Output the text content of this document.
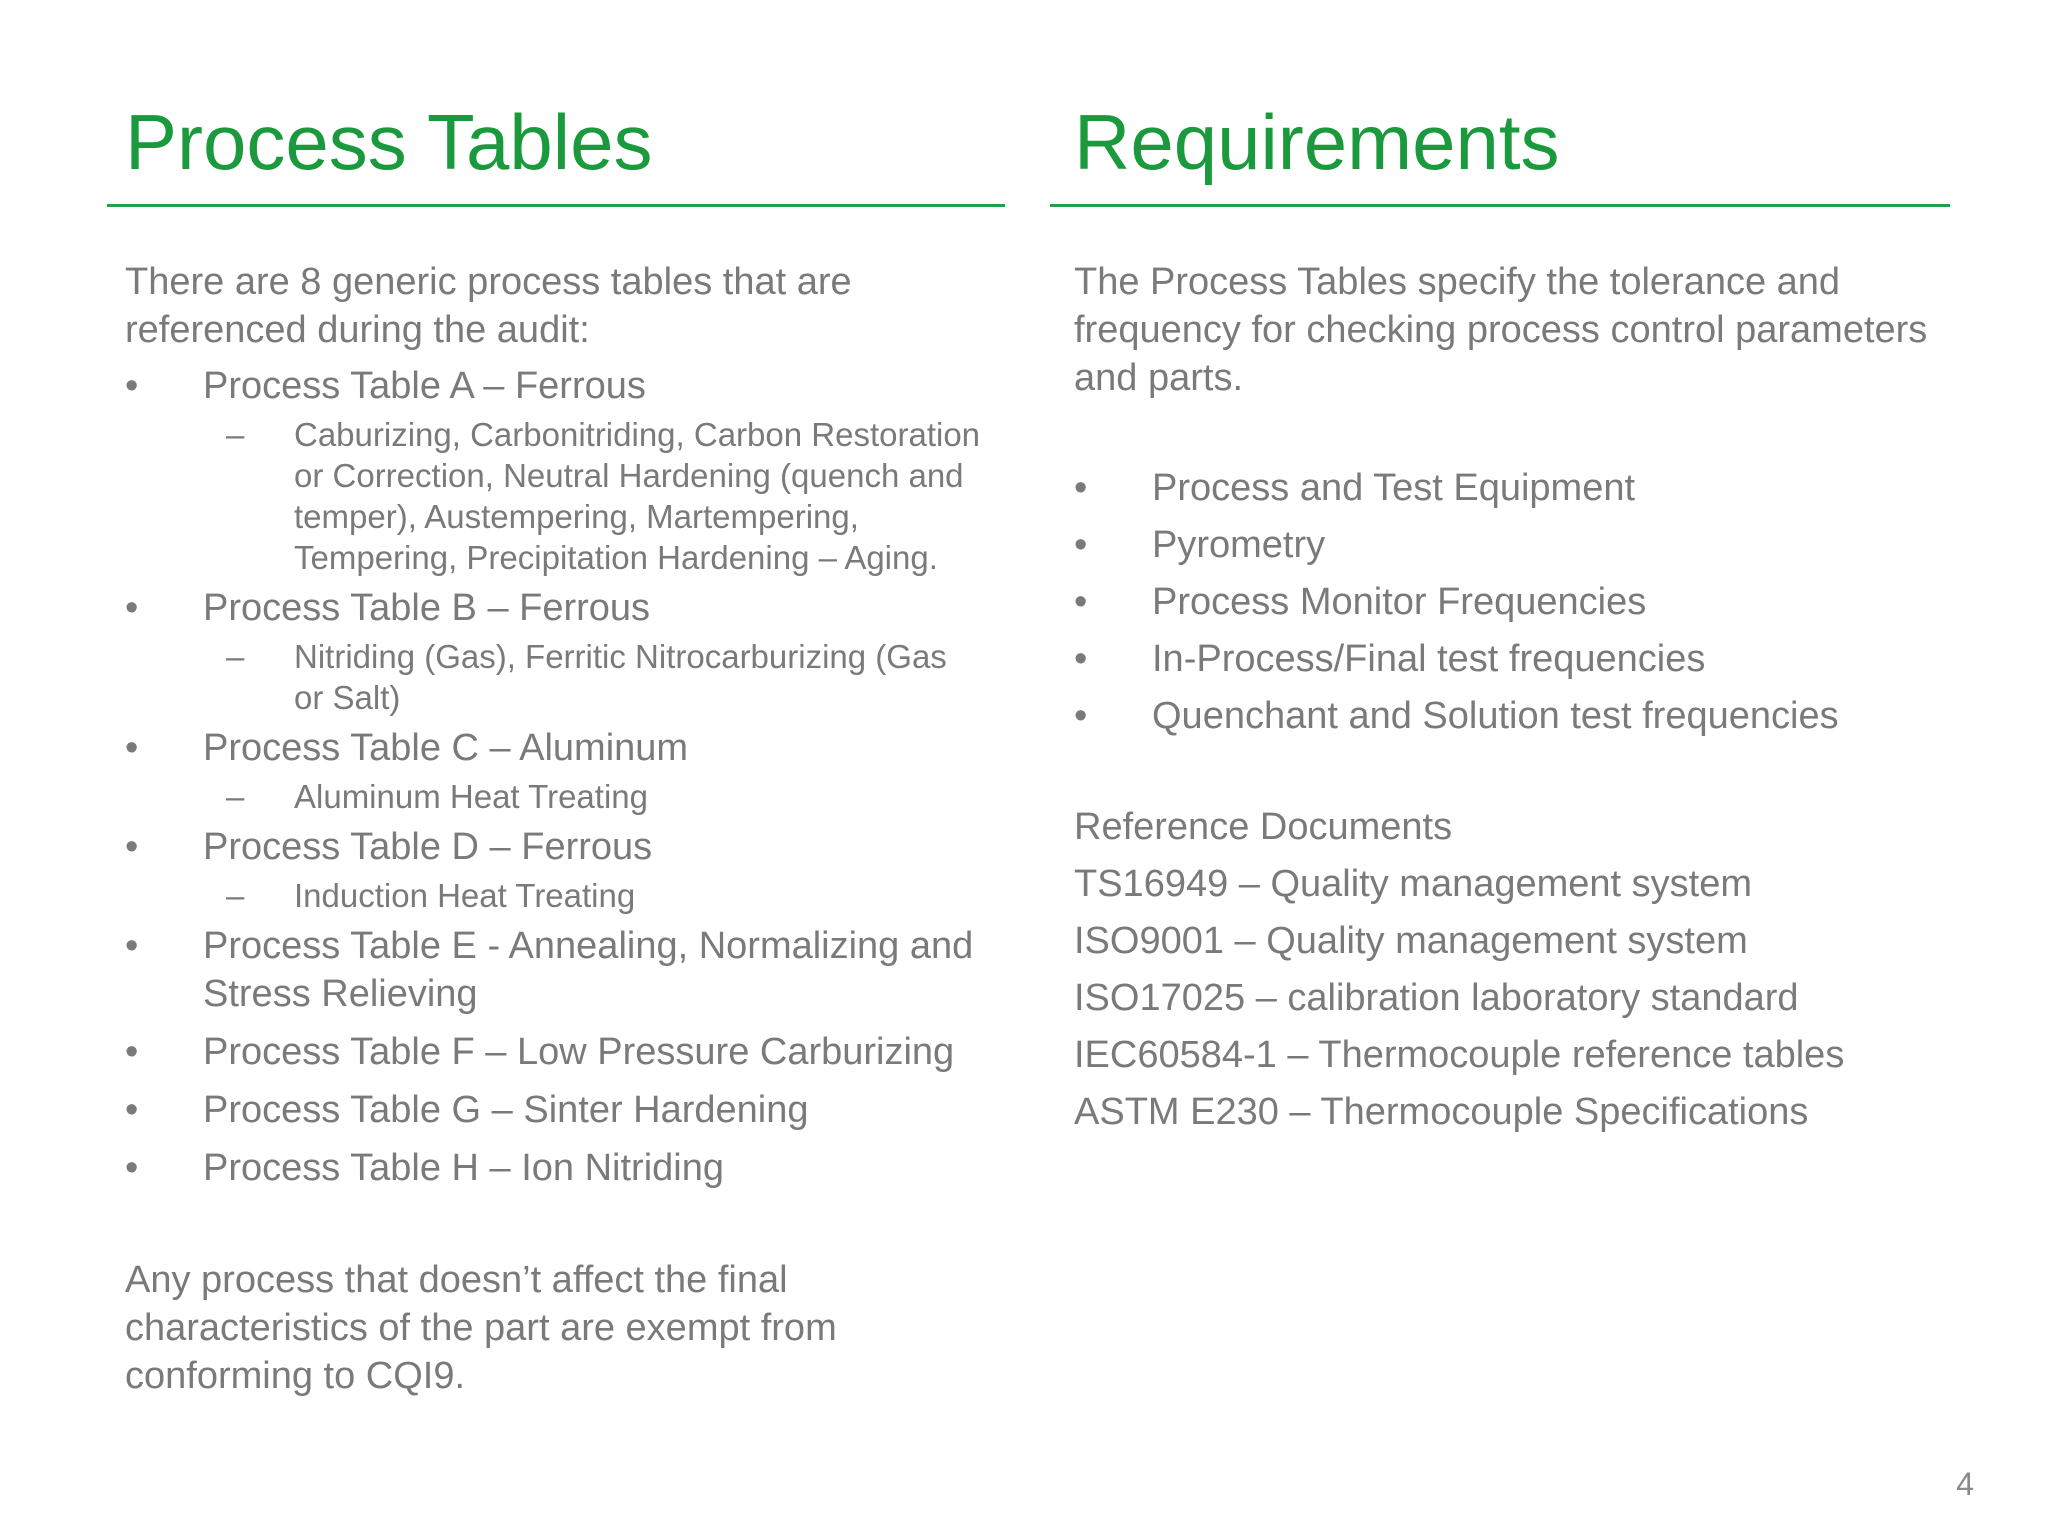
Process Tables

There are 8 generic process tables that are referenced during the audit:

•	Process Table A – Ferrous
– Caburizing, Carbonitriding, Carbon Restoration or Correction, Neutral Hardening (quench and temper), Austempering, Martempering, Tempering, Precipitation Hardening – Aging.
•	Process Table B – Ferrous
– Nitriding (Gas), Ferritic Nitrocarburizing (Gas or Salt)
•	Process Table C – Aluminum
– Aluminum Heat Treating
•	Process Table D – Ferrous
– Induction Heat Treating
•	Process Table E - Annealing, Normalizing and Stress Relieving
•	Process Table F – Low Pressure Carburizing
•	Process Table G – Sinter Hardening
•	Process Table H – Ion Nitriding

Any process that doesn’t affect the final characteristics of the part are exempt from conforming to CQI9.

Requirements

The Process Tables specify the tolerance and frequency for checking process control parameters and parts.

•	Process and Test Equipment
•	Pyrometry
•	Process Monitor Frequencies
•	In-Process/Final test frequencies
•	Quenchant and Solution test frequencies

Reference Documents

TS16949 – Quality management system

ISO9001 – Quality management system

ISO17025 – calibration laboratory standard

IEC60584-1 – Thermocouple reference tables

ASTM E230 – Thermocouple Specifications

4
